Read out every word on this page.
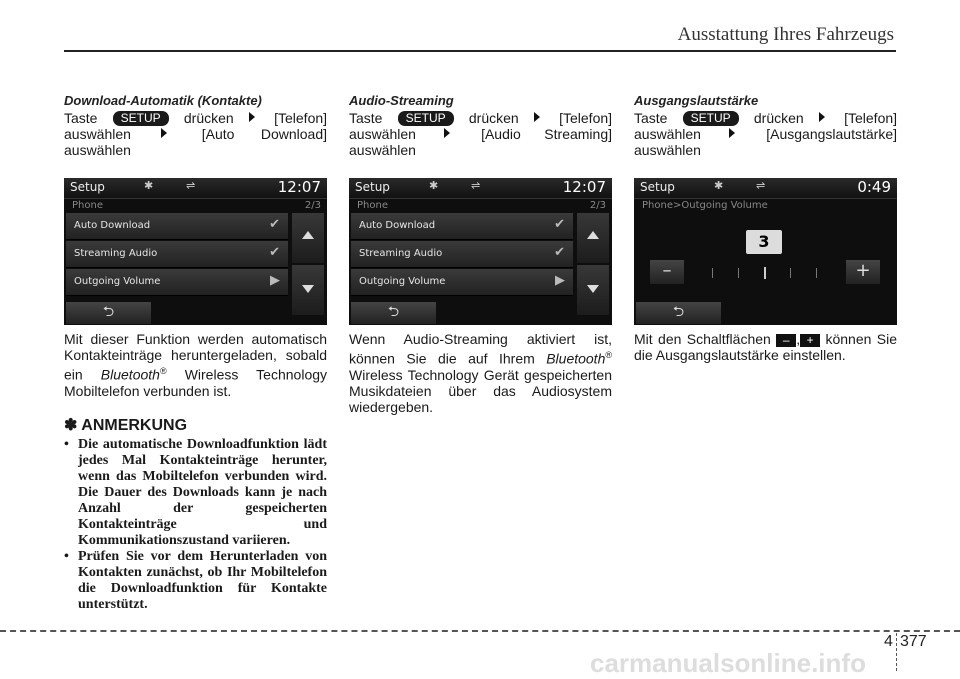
Ausstattung Ihres Fahrzeugs
Download-Automatik (Kontakte)

Taste SETUP drücken	[Telefon] auswählen	[Auto Download]
auswählen

Setup	✱	⇌	12:07
Phone	2/3
Auto Download	✔
Streaming Audio	✔
Outgoing Volume	▶
⮌

Mit dieser Funktion werden automatisch Kontakteinträge heruntergeladen, sobald ein Bluetooth® Wireless Technology Mobiltelefon verbunden ist.

✽ ANMERKUNG
• Die automatische Downloadfunktion lädt jedes Mal Kontakteinträge herunter, wenn das Mobiltelefon verbunden wird. Die Dauer des Downloads kann je nach Anzahl der gespeicherten Kontakteinträge und Kommunikationszustand variieren.
• Prüfen Sie vor dem Herunterladen von Kontakten zunächst, ob Ihr Mobiltelefon die Downloadfunktion für Kontakte unterstützt.
Audio-Streaming

Taste SETUP drücken	[Telefon] auswählen	[Audio Streaming]
auswählen

Setup	✱	⇌	12:07
Phone	2/3
Auto Download	✔
Streaming Audio	✔
Outgoing Volume	▶
⮌

Wenn Audio-Streaming aktiviert ist, können Sie die auf Ihrem Bluetooth® Wireless Technology Gerät gespeicherten Musikdateien über das Audiosystem wiedergeben.

Ausgangslautstärke

Taste SETUP drücken	[Telefon] auswählen	[Ausgangslautstärke]
auswählen

Setup	✱	⇌	0:49
Phone>Outgoing Volume
3
–	+
⮌

Mit den Schaltflächen – , + können Sie die Ausgangslautstärke einstellen.

4 377
carmanualsonline.info
